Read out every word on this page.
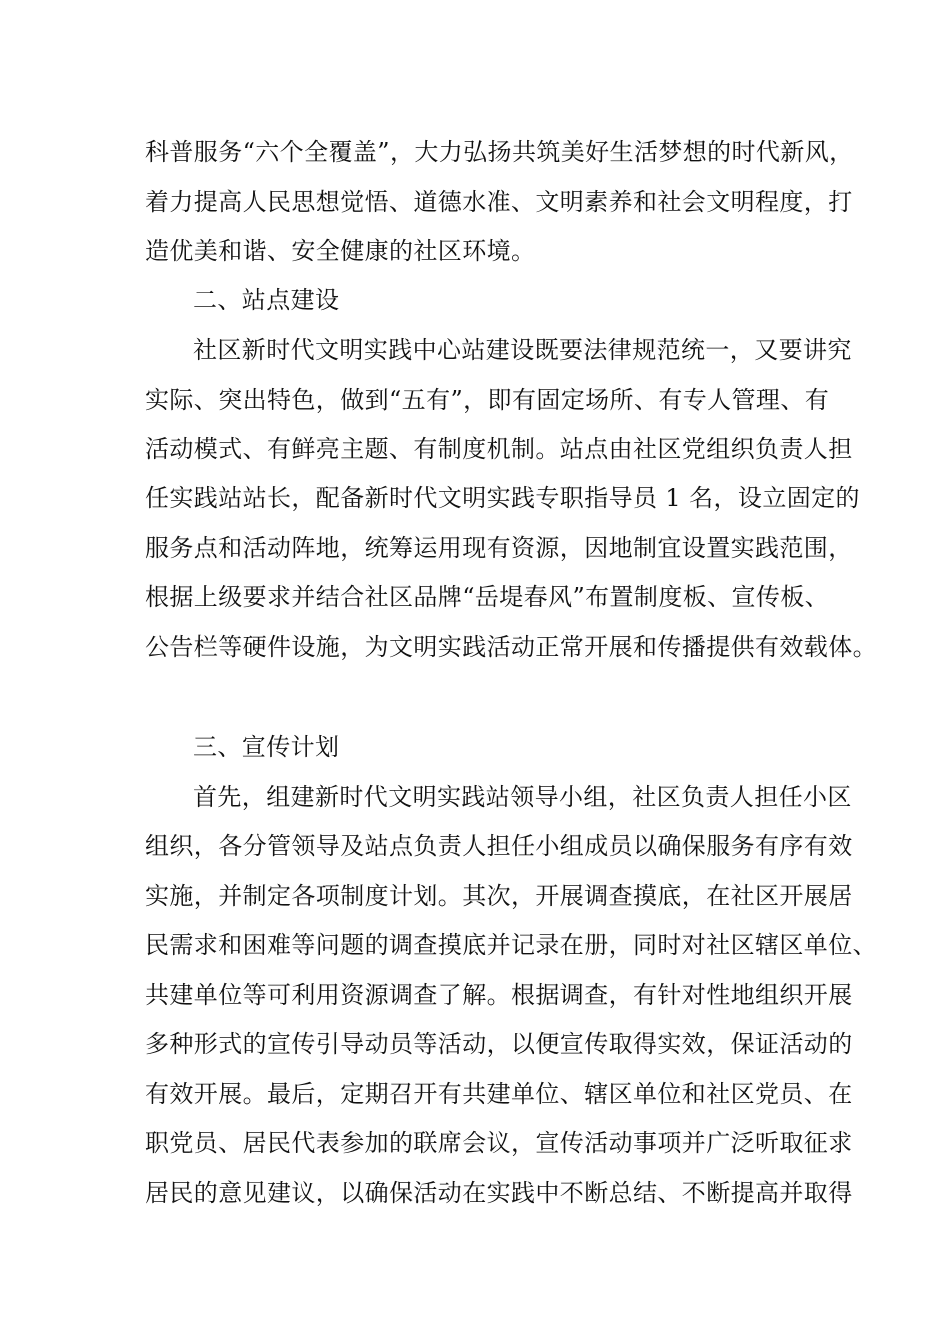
科普服务“六个全覆盖”，大力弘扬共筑美好生活梦想的时代新风，
着力提高人民思想觉悟、道德水准、文明素养和社会文明程度，打
造优美和谐、安全健康的社区环境。
二、站点建设
社区新时代文明实践中心站建设既要法律规范统一，又要讲究
实际、突出特色，做到“五有”，即有固定场所、有专人管理、有
活动模式、有鲜亮主题、有制度机制。站点由社区党组织负责人担
任实践站站长，配备新时代文明实践专职指导员 1 名，设立固定的
服务点和活动阵地，统筹运用现有资源，因地制宜设置实践范围，
根据上级要求并结合社区品牌“岳堤春风”布置制度板、宣传板、
公告栏等硬件设施，为文明实践活动正常开展和传播提供有效载体。
三、宣传计划
首先，组建新时代文明实践站领导小组，社区负责人担任小区
组织，各分管领导及站点负责人担任小组成员以确保服务有序有效
实施，并制定各项制度计划。其次，开展调查摸底，在社区开展居
民需求和困难等问题的调查摸底并记录在册，同时对社区辖区单位、
共建单位等可利用资源调查了解。根据调查，有针对性地组织开展
多种形式的宣传引导动员等活动，以便宣传取得实效，保证活动的
有效开展。最后，定期召开有共建单位、辖区单位和社区党员、在
职党员、居民代表参加的联席会议，宣传活动事项并广泛听取征求
居民的意见建议，以确保活动在实践中不断总结、不断提高并取得
